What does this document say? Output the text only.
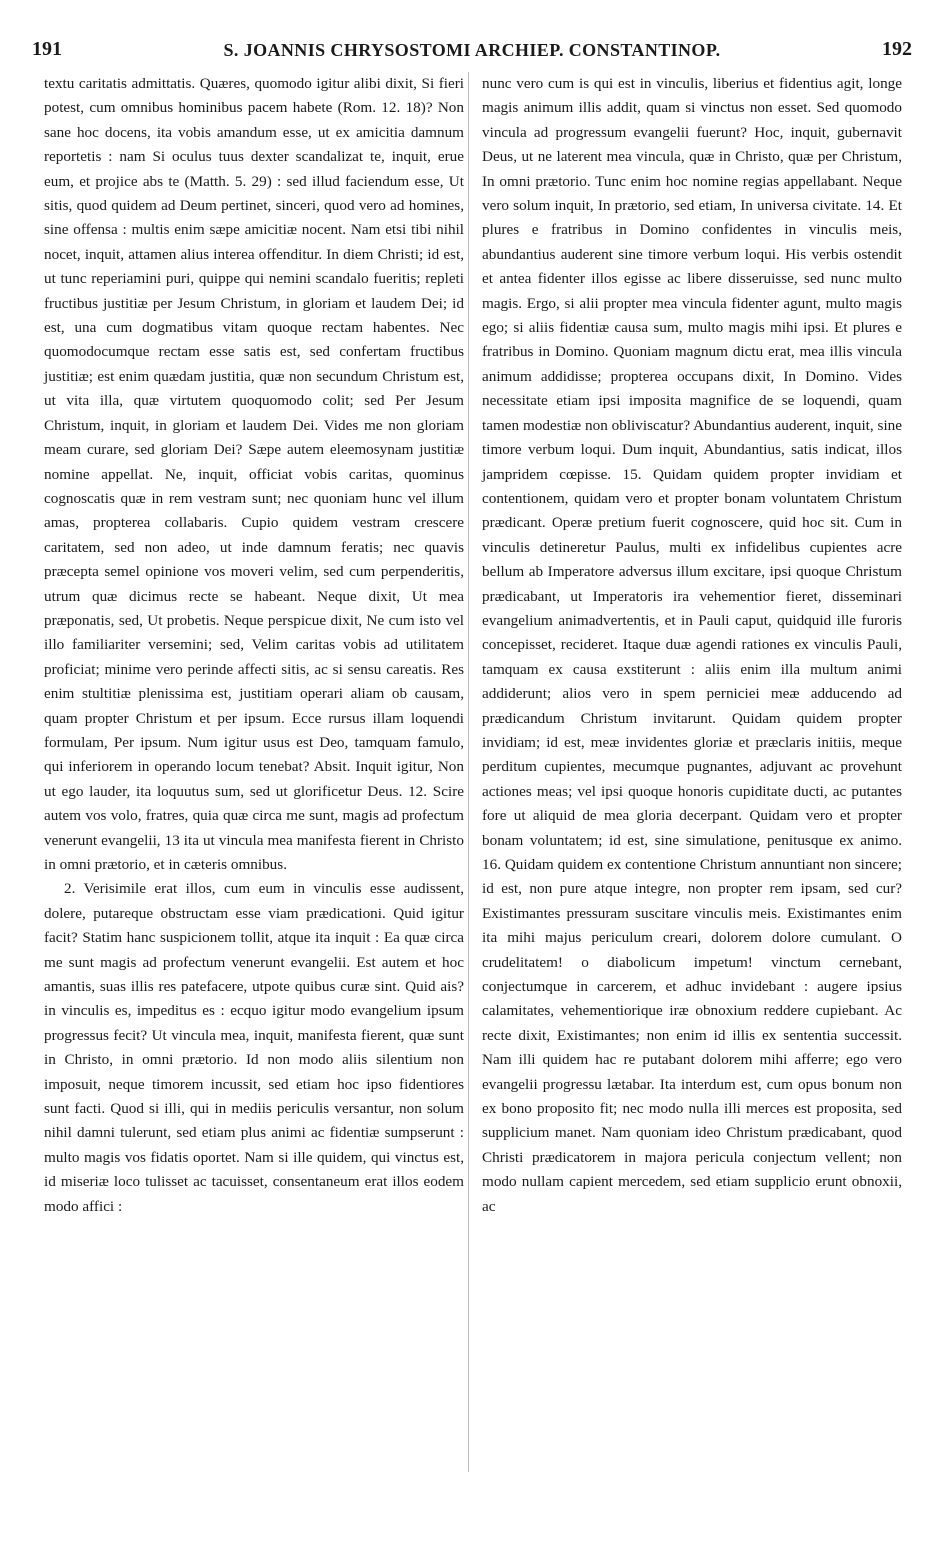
191	S. JOANNIS CHRYSOSTOMI ARCHIEP. CONSTANTINOP.	192

textu caritatis admittatis. Quæres, quomodo igitur alibi dixit, Si fieri potest, cum omnibus hominibus pacem habete (Rom. 12. 18)? Non sane hoc docens, ita vobis amandum esse, ut ex amicitia damnum reportetis : nam Si oculus tuus dexter scandalizat te, inquit, erue eum, et projice abs te (Matth. 5. 29) : sed illud faciendum esse, Ut sitis, quod quidem ad Deum pertinet, sinceri, quod vero ad homines, sine offensa : multis enim sæpe amicitiæ nocent. Nam etsi tibi nihil nocet, inquit, attamen alius interea offenditur. In diem Christi; id est, ut tunc reperiamini puri, quippe qui nemini scandalo fueritis; repleti fructibus justitiæ per Jesum Christum, in gloriam et laudem Dei; id est, una cum dogmatibus vitam quoque rectam habentes. Nec quomodocumque rectam esse satis est, sed confertam fructibus justitiæ; est enim quædam justitia, quæ non secundum Christum est, ut vita illa, quæ virtutem quoquomodo colit; sed Per Jesum Christum, inquit, in gloriam et laudem Dei. Vides me non gloriam meam curare, sed gloriam Dei? Sæpe autem eleemosynam justitiæ nomine appellat. Ne, inquit, officiat vobis caritas, quominus cognoscatis quæ in rem vestram sunt; nec quoniam hunc vel illum amas, propterea collabaris. Cupio quidem vestram crescere caritatem, sed non adeo, ut inde damnum feratis; nec quavis præcepta semel opinione vos moveri velim, sed cum perpenderitis, utrum quæ dicimus recte se habeant. Neque dixit, Ut mea præponatis, sed, Ut probetis. Neque perspicue dixit, Ne cum isto vel illo familiariter versemini; sed, Velim caritas vobis ad utilitatem proficiat; minime vero perinde affecti sitis, ac si sensu careatis. Res enim stultitiæ plenissima est, justitiam operari aliam ob causam, quam propter Christum et per ipsum. Ecce rursus illam loquendi formulam, Per ipsum. Num igitur usus est Deo, tamquam famulo, qui inferiorem in operando locum tenebat? Absit. Inquit igitur, Non ut ego lauder, ita loquutus sum, sed ut glorificetur Deus. 12. Scire autem vos volo, fratres, quia quæ circa me sunt, magis ad profectum venerunt evangelii, 13 ita ut vincula mea manifesta fierent in Christo in omni prætorio, et in cæteris omnibus.

2. Verisimile erat illos, cum eum in vinculis esse audissent, dolere, putareque obstructam esse viam prædicationi. Quid igitur facit? Statim hanc suspicionem tollit, atque ita inquit : Ea quæ circa me sunt magis ad profectum venerunt evangelii. Est autem et hoc amantis, suas illis res patefacere, utpote quibus curæ sint. Quid ais? in vinculis es, impeditus es : ecquo igitur modo evangelium ipsum progressus fecit? Ut vincula mea, inquit, manifesta fierent, quæ sunt in Christo, in omni prætorio. Id non modo aliis silentium non imposuit, neque timorem incussit, sed etiam hoc ipso fidentiores sunt facti. Quod si illi, qui in mediis periculis versantur, non solum nihil damni tulerunt, sed etiam plus animi ac fidentiæ sumpserunt : multo magis vos fidatis oportet. Nam si ille quidem, qui vinctus est, id miseriæ loco tulisset ac tacuisset, consentaneum erat illos eodem modo affici :

nunc vero cum is qui est in vinculis, liberius et fidentius agit, longe magis animum illis addit, quam si vinctus non esset. Sed quomodo vincula ad progressum evangelii fuerunt? Hoc, inquit, gubernavit Deus, ut ne laterent mea vincula, quæ in Christo, quæ per Christum, In omni prætorio. Tunc enim hoc nomine regias appellabant. Neque vero solum inquit, In prætorio, sed etiam, In universa civitate. 14. Et plures e fratribus in Domino confidentes in vinculis meis, abundantius auderent sine timore verbum loqui. His verbis ostendit et antea fidenter illos egisse ac libere disseruisse, sed nunc multo magis. Ergo, si alii propter mea vincula fidenter agunt, multo magis ego; si aliis fidentiæ causa sum, multo magis mihi ipsi. Et plures e fratribus in Domino. Quoniam magnum dictu erat, mea illis vincula animum addidisse; propterea occupans dixit, In Domino. Vides necessitate etiam ipsi imposita magnifice de se loquendi, quam tamen modestiæ non obliviscatur? Abundantius auderent, inquit, sine timore verbum loqui. Dum inquit, Abundantius, satis indicat, illos jampridem cœpisse. 15. Quidam quidem propter invidiam et contentionem, quidam vero et propter bonam voluntatem Christum prædicant. Operæ pretium fuerit cognoscere, quid hoc sit. Cum in vinculis detineretur Paulus, multi ex infidelibus cupientes acre bellum ab Imperatore adversus illum excitare, ipsi quoque Christum prædicabant, ut Imperatoris ira vehementior fieret, disseminari evangelium animadvertentis, et in Pauli caput, quidquid ille furoris concepisset, recideret. Itaque duæ agendi rationes ex vinculis Pauli, tamquam ex causa exstiterunt : aliis enim illa multum animi addiderunt; alios vero in spem perniciei meæ adducendo ad prædicandum Christum invitarunt. Quidam quidem propter invidiam; id est, meæ invidentes gloriæ et præclaris initiis, meque perditum cupientes, mecumque pugnantes, adjuvant ac provehunt actiones meas; vel ipsi quoque honoris cupiditate ducti, ac putantes fore ut aliquid de mea gloria decerpant. Quidam vero et propter bonam voluntatem; id est, sine simulatione, penitusque ex animo. 16. Quidam quidem ex contentione Christum annuntiant non sincere; id est, non pure atque integre, non propter rem ipsam, sed cur? Existimantes pressuram suscitare vinculis meis. Existimantes enim ita mihi majus periculum creari, dolorem dolore cumulant. O crudelitatem! o diabolicum impetum! vinctum cernebant, conjectumque in carcerem, et adhuc invidebant : augere ipsius calamitates, vehementiorique iræ obnoxium reddere cupiebant. Ac recte dixit, Existimantes; non enim id illis ex sententia successit. Nam illi quidem hac re putabant dolorem mihi afferre; ego vero evangelii progressu lætabar. Ita interdum est, cum opus bonum non ex bono proposito fit; nec modo nulla illi merces est proposita, sed supplicium manet. Nam quoniam ideo Christum prædicabant, quod Christi prædicatorem in majora pericula conjectum vellent; non modo nullam capient mercedem, sed etiam supplicio erunt obnoxii, ac
